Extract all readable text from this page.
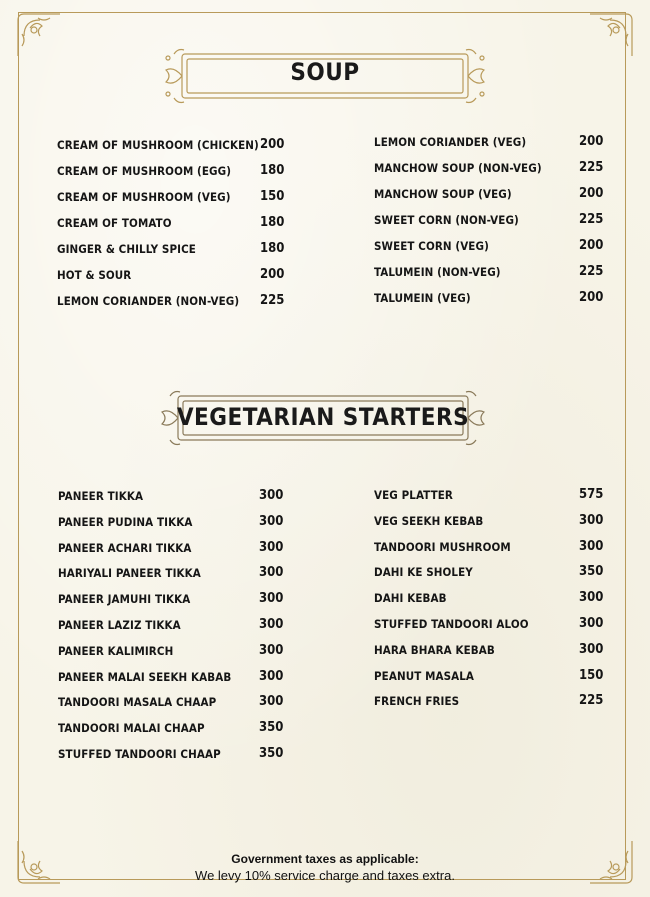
SOUP
CREAM OF MUSHROOM (CHICKEN) 200
CREAM OF MUSHROOM (EGG) 180
CREAM OF MUSHROOM (VEG) 150
CREAM OF TOMATO	180
GINGER & CHILLY SPICE	180
HOT & SOUR	200
LEMON CORIANDER (NON-VEG) 225
LEMON CORIANDER (VEG)	200
MANCHOW SOUP (NON-VEG)	225
MANCHOW SOUP (VEG)	200
SWEET CORN (NON-VEG)	225
SWEET CORN (VEG)	200
TALUMEIN (NON-VEG)	225
TALUMEIN (VEG)	200
VEGETARIAN STARTERS
PANEER TIKKA	300
PANEER PUDINA TIKKA	300
PANEER ACHARI TIKKA	300
HARIYALI PANEER TIKKA	300
PANEER JAMUHI TIKKA	300
PANEER LAZIZ TIKKA	300
PANEER KALIMIRCH	300
PANEER MALAI SEEKH KABAB 300
TANDOORI MASALA CHAAP	300
TANDOORI MALAI CHAAP	350
STUFFED TANDOORI CHAAP	350
VEG PLATTER	575
VEG SEEKH KEBAB	300
TANDOORI MUSHROOM	300
DAHI KE SHOLEY	350
DAHI KEBAB	300
STUFFED TANDOORI ALOO	300
HARA BHARA KEBAB	300
PEANUT MASALA	150
FRENCH FRIES	225
Government taxes as applicable:
We levy 10% service charge and taxes extra.
